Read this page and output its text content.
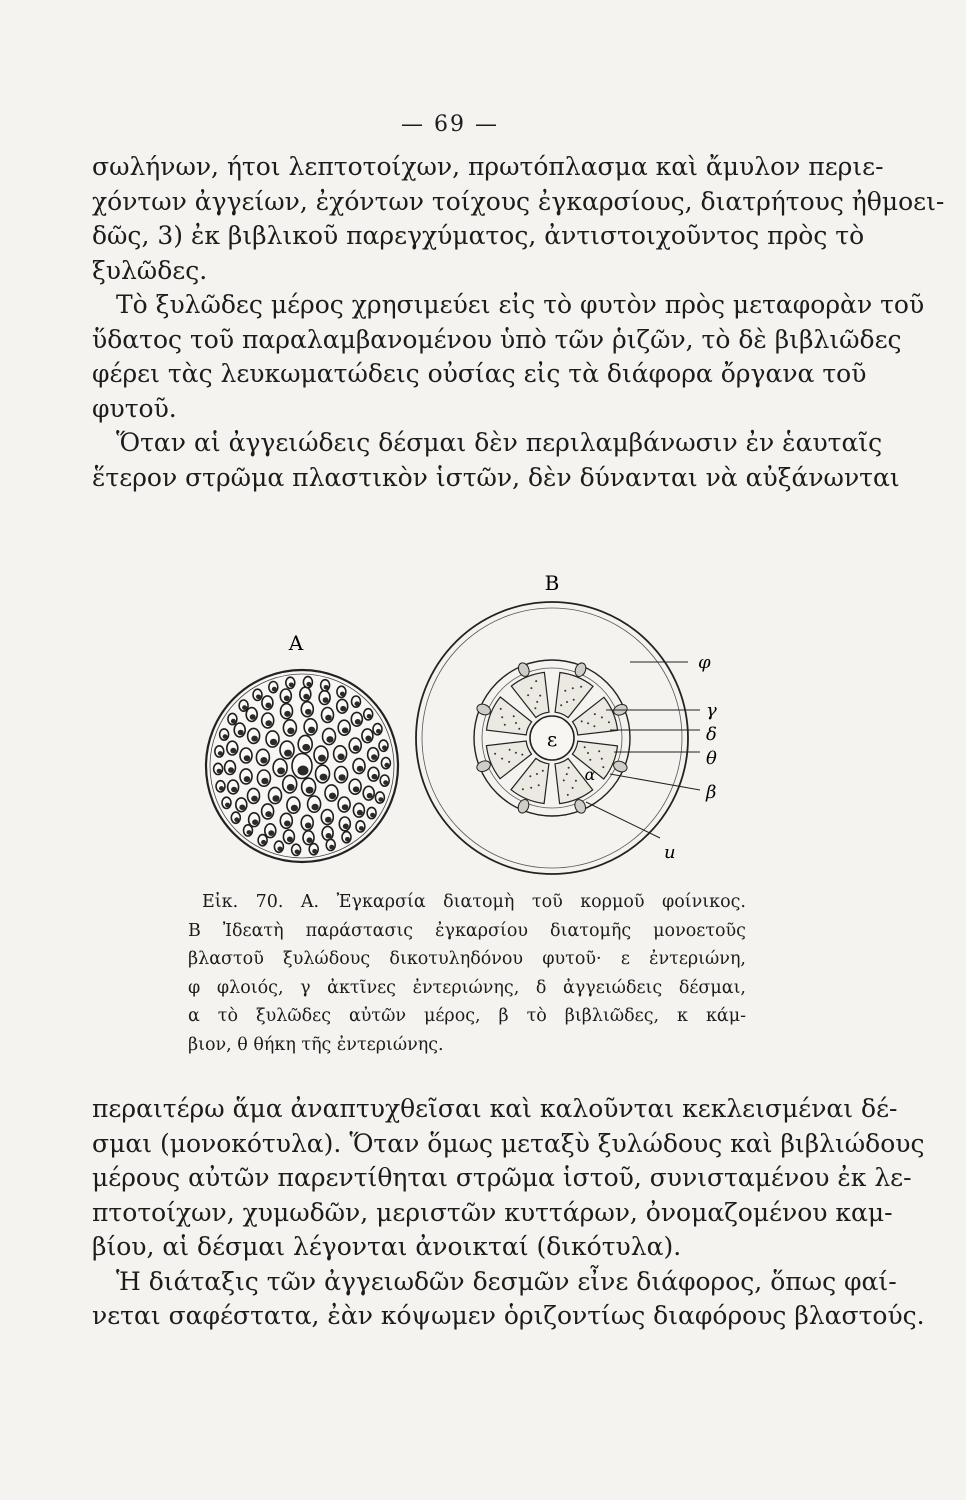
— 69 —
σωλήνων, ήτοι λεπτοτοίχων, πρωτόπλασμα καὶ ἄμυλον περιε-
χόντων ἀγγείων, ἐχόντων τοίχους ἐγκαρσίους, διατρήτους ἠθμοει-
δῶς, 3) ἐκ βιβλικοῦ παρεγχύματος, ἀντιστοιχοῦντος πρὸς τὸ
ξυλῶδες.
Τὸ ξυλῶδες μέρος χρησιμεύει εἰς τὸ φυτὸν πρὸς μεταφορὰν τοῦ
ὕδατος τοῦ παραλαμβανομένου ὑπὸ τῶν ῥιζῶν, τὸ δὲ βιβλιῶδες
φέρει τὰς λευκωματώδεις οὐσίας εἰς τὰ διάφορα ὄργανα τοῦ
φυτοῦ.
Ὅταν αἱ ἀγγειώδεις δέσμαι δὲν περιλαμβάνωσιν ἐν ἑαυταῖς
ἕτερον στρῶμα πλαστικὸν ἱστῶν, δὲν δύνανται νὰ αὐξάνωνται
A
ε
α
B
φ
γ
δ
θ
β
u
Εἰκ. 70. Α. Ἐγκαρσία διατομὴ τοῦ κορμοῦ φοίνικος.
Β Ἰδεατὴ παράστασις ἐγκαρσίου διατομῆς μονοετοῦς
βλαστοῦ ξυλώδους δικοτυληδόνου φυτοῦ· ε ἐντεριώνη,
φ φλοιός, γ ἀκτῖνες ἐντεριώνης, δ ἀγγειώδεις δέσμαι,
α τὸ ξυλῶδες αὐτῶν μέρος, β τὸ βιβλιῶδες, κ κάμ-
βιον, θ θήκη τῆς ἐντεριώνης.
περαιτέρω ἅμα ἀναπτυχθεῖσαι καὶ καλοῦνται κεκλεισμέναι δέ-
σμαι (μονοκότυλα). Ὅταν ὅμως μεταξὺ ξυλώδους καὶ βιβλιώδους
μέρους αὐτῶν παρεντίθηται στρῶμα ἱστοῦ, συνισταμένου ἐκ λε-
πτοτοίχων, χυμωδῶν, μεριστῶν κυττάρων, ὀνομαζομένου καμ-
βίου, αἱ δέσμαι λέγονται ἀνοικταί (δικότυλα).
Ἡ διάταξις τῶν ἀγγειωδῶν δεσμῶν εἶνε διάφορος, ὅπως φαί-
νεται σαφέστατα, ἐὰν κόψωμεν ὁριζοντίως διαφόρους βλαστούς.
